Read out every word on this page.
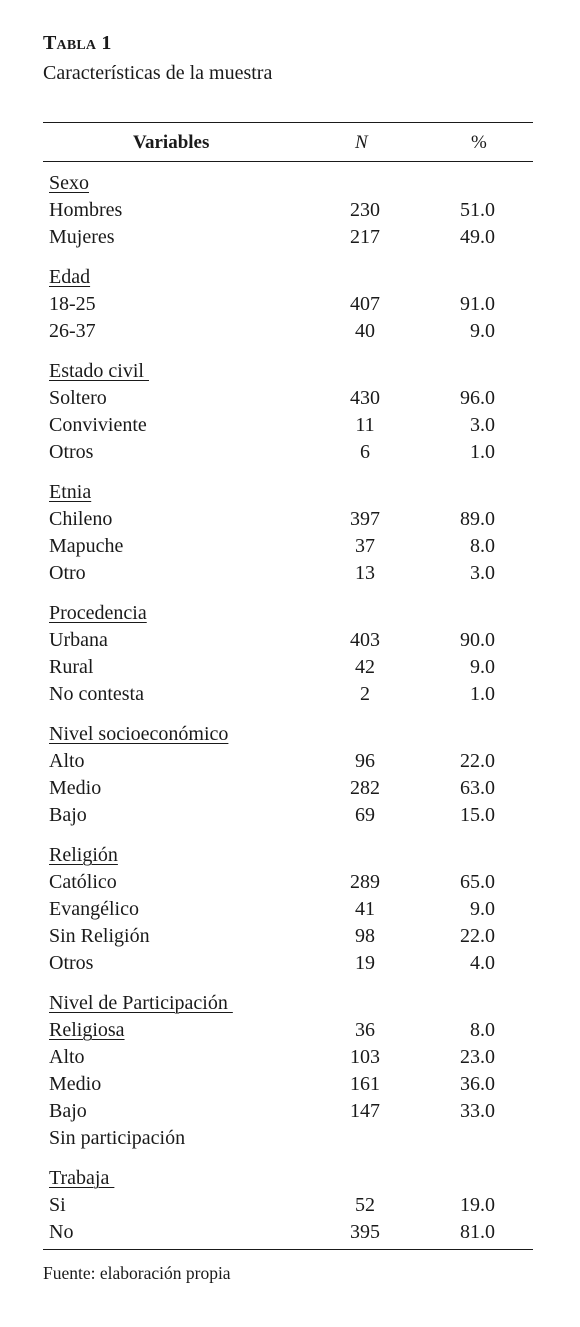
Tabla 1
Características de la muestra
Variables	N	%
Sexo
Hombres	230	51.0
Mujeres	217	49.0
Edad
18-25	407	91.0
26-37	40	9.0
Estado civil
Soltero	430	96.0
Conviviente	11	3.0
Otros	6	1.0
Etnia
Chileno	397	89.0
Mapuche	37	8.0
Otro	13	3.0
Procedencia
Urbana	403	90.0
Rural	42	9.0
No contesta	2	1.0
Nivel socioeconómico
Alto	96	22.0
Medio	282	63.0
Bajo	69	15.0
Religión
Católico	289	65.0
Evangélico	41	9.0
Sin Religión	98	22.0
Otros	19	4.0
Nivel de Participación
Religiosa	36	8.0
Alto	103	23.0
Medio	161	36.0
Bajo	147	33.0
Sin participación
Trabaja
Si	52	19.0
No	395	81.0
Fuente: elaboración propia
